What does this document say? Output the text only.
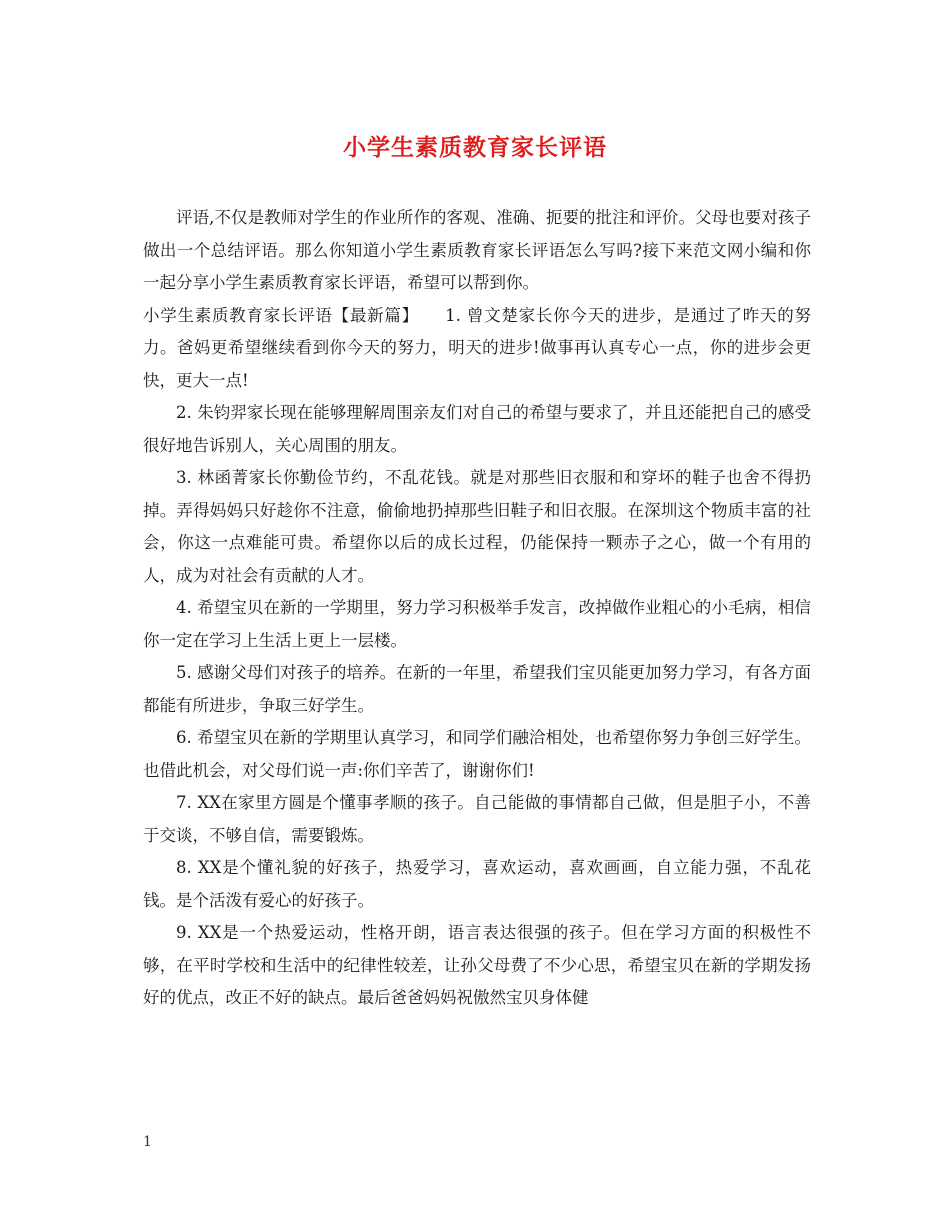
小学生素质教育家长评语

评语,不仅是教师对学生的作业所作的客观、准确、扼要的批注和评价。父母也要对孩子做出一个总结评语。那么你知道小学生素质教育家长评语怎么写吗?接下来范文网小编和你一起分享小学生素质教育家长评语，希望可以帮到你。

小学生素质教育家长评语【最新篇】　　1. 曾文楚家长你今天的进步，是通过了昨天的努力。爸妈更希望继续看到你今天的努力，明天的进步!做事再认真专心一点，你的进步会更快，更大一点!

2. 朱钧羿家长现在能够理解周围亲友们对自己的希望与要求了，并且还能把自己的感受很好地告诉别人，关心周围的朋友。

3. 林函菁家长你勤俭节约，不乱花钱。就是对那些旧衣服和和穿坏的鞋子也舍不得扔掉。弄得妈妈只好趁你不注意，偷偷地扔掉那些旧鞋子和旧衣服。在深圳这个物质丰富的社会，你这一点难能可贵。希望你以后的成长过程，仍能保持一颗赤子之心，做一个有用的人，成为对社会有贡献的人才。

4. 希望宝贝在新的一学期里，努力学习积极举手发言，改掉做作业粗心的小毛病，相信你一定在学习上生活上更上一层楼。

5. 感谢父母们对孩子的培养。在新的一年里，希望我们宝贝能更加努力学习，有各方面都能有所进步，争取三好学生。

6. 希望宝贝在新的学期里认真学习，和同学们融洽相处，也希望你努力争创三好学生。也借此机会，对父母们说一声:你们辛苦了，谢谢你们!

7. XX在家里方圆是个懂事孝顺的孩子。自己能做的事情都自己做，但是胆子小，不善于交谈，不够自信，需要锻炼。

8. XX是个懂礼貌的好孩子，热爱学习，喜欢运动，喜欢画画，自立能力强，不乱花钱。是个活泼有爱心的好孩子。

9. XX是一个热爱运动，性格开朗，语言表达很强的孩子。但在学习方面的积极性不够，在平时学校和生活中的纪律性较差，让孙父母费了不少心思，希望宝贝在新的学期发扬好的优点，改正不好的缺点。最后爸爸妈妈祝傲然宝贝身体健

1
